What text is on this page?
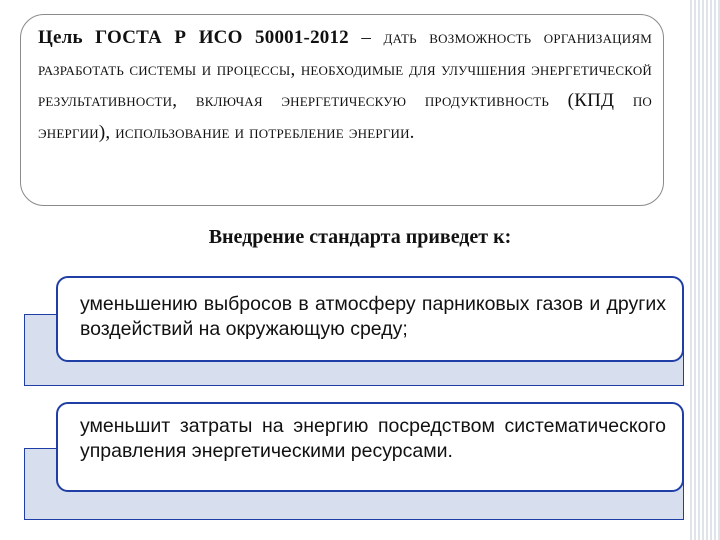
Цель ГОСТА Р ИСО 50001-2012 – дать возможность организациям разработать системы и процессы, необходимые для улучшения энергетической результативности, включая энергетическую продуктивность (КПД по энергии), использование и потребление энергии.
Внедрение стандарта приведет к:
уменьшению выбросов в атмосферу парниковых газов и других воздействий на окружающую среду;
уменьшит затраты на энергию посредством систематического управления энергетическими ресурсами.
